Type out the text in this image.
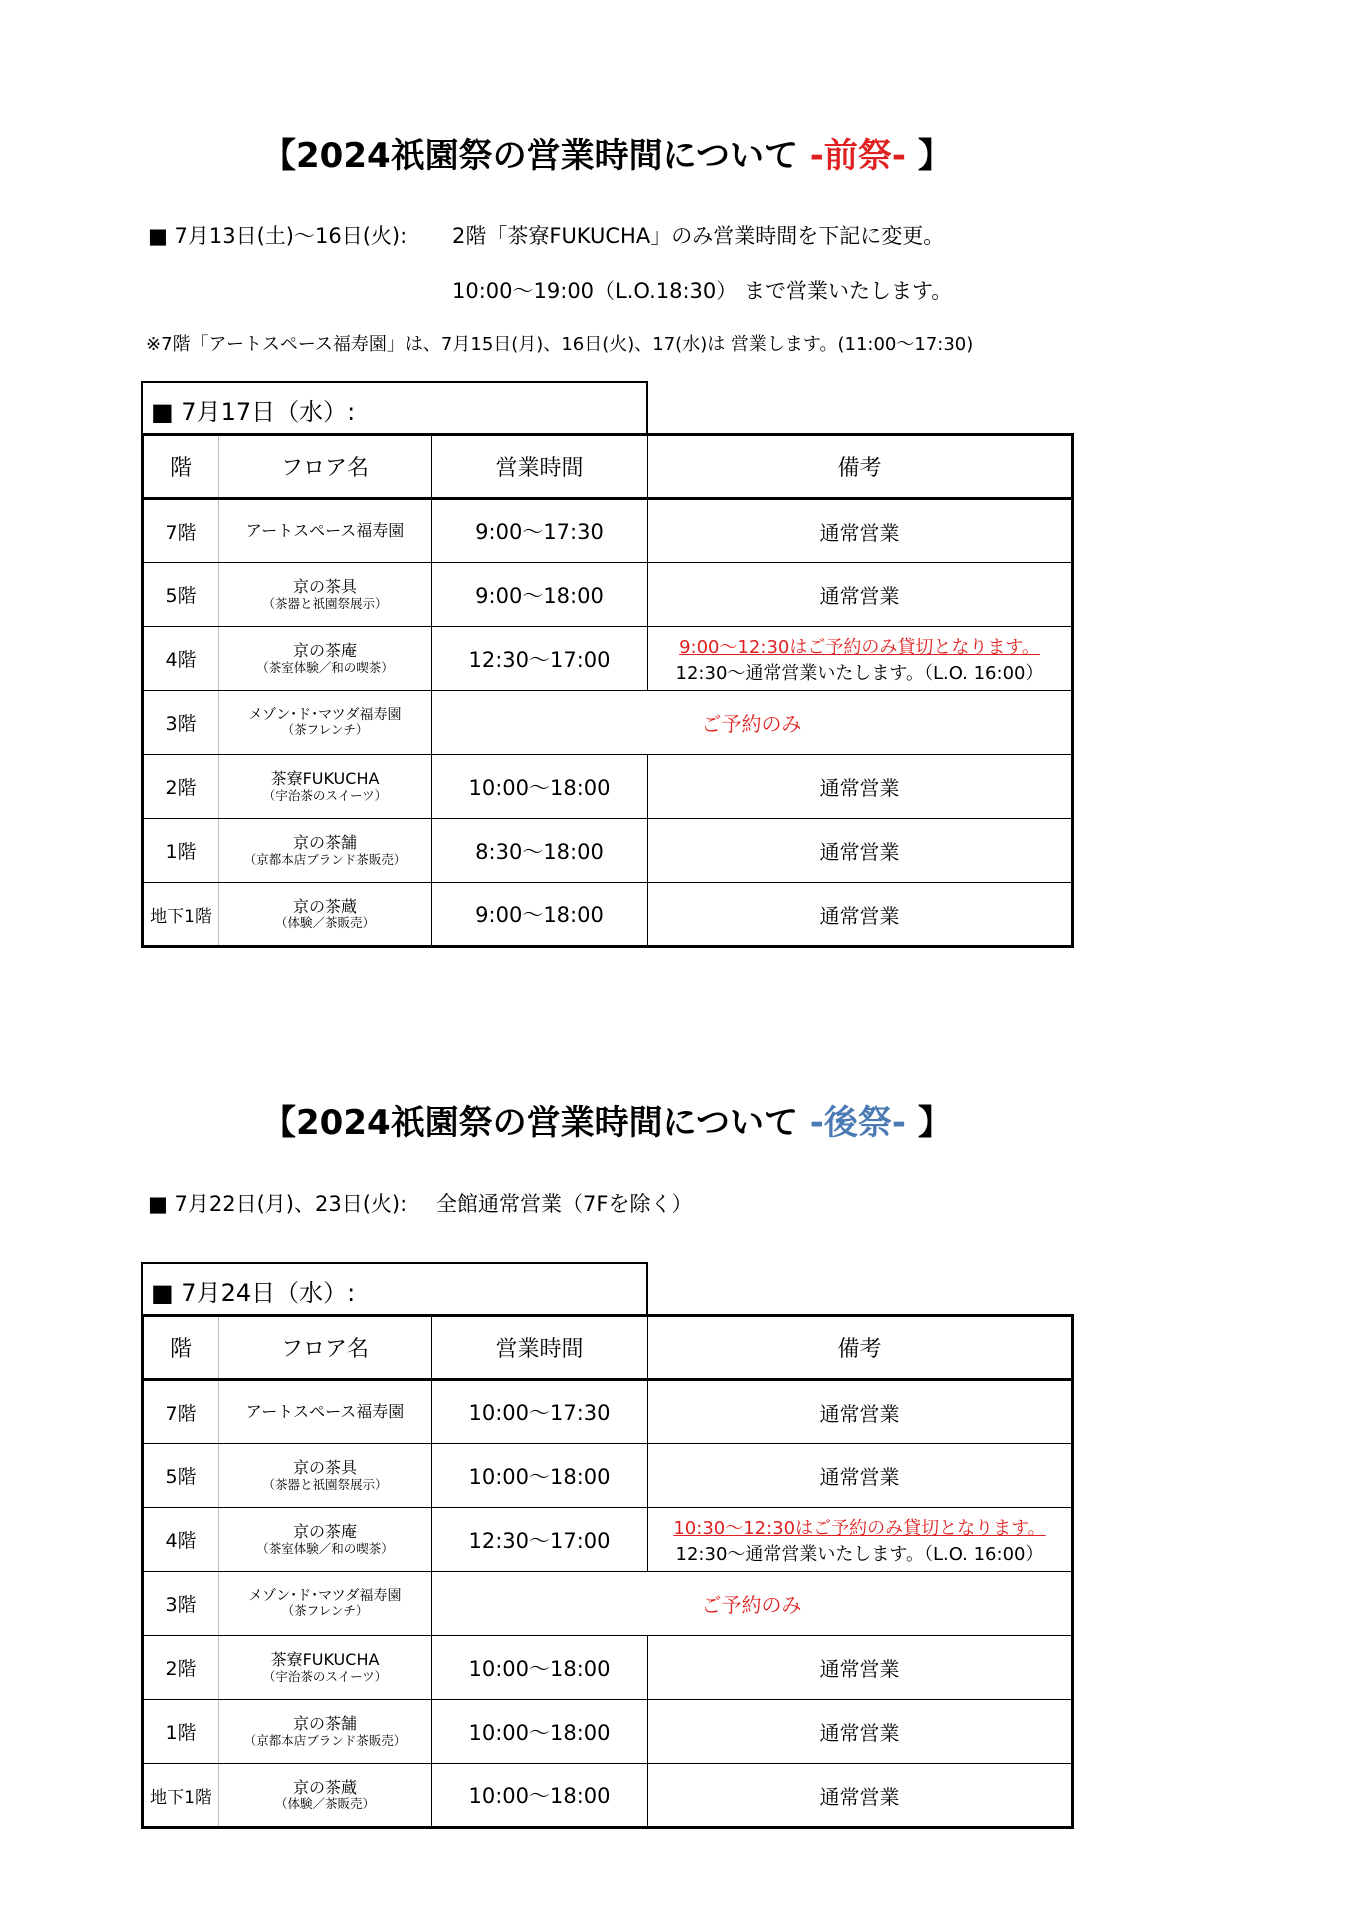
【2024祇園祭の営業時間について -前祭- 】
■ 7月13日(土)～16日(火): 2階「茶寮FUKUCHA」のみ営業時間を下記に変更。
10:00～19:00（L.O.18:30） まで営業いたします。
※7階「アートスペース福寿園」は、7月15日(月)、16日(火)、17(水)は 営業します。(11:00～17:30)
■ 7月17日（水）:
階	フロア名	営業時間	備考
7階	アートスペース福寿園	9:00～17:30	通常営業
5階	京の茶具
（茶器と祇園祭展示）	9:00～18:00	通常営業
4階	京の茶庵
（茶室体験／和の喫茶）	12:30～17:00	9:00～12:30はご予約のみ貸切となります。
12:30～通常営業いたします。（L.O. 16:00）

3階	メゾン･ド･マツダ福寿園
（茶フレンチ）	ご予約のみ	
2階	茶寮FUKUCHA
（宇治茶のスイーツ）	10:00～18:00	通常営業
1階	京の茶舗
（京都本店ブランド茶販売）	8:30～18:00	通常営業
地下1階	京の茶蔵
（体験／茶販売）	9:00～18:00	通常営業
【2024祇園祭の営業時間について -後祭- 】
■ 7月22日(月)、23日(火): 全館通常営業（7Fを除く）
■ 7月24日（水）:
階	フロア名	営業時間	備考
7階	アートスペース福寿園	10:00～17:30	通常営業
5階	京の茶具
（茶器と祇園祭展示）	10:00～18:00	通常営業
4階	京の茶庵
（茶室体験／和の喫茶）	12:30～17:00	10:30～12:30はご予約のみ貸切となります。
12:30～通常営業いたします。（L.O. 16:00）

3階	メゾン･ド･マツダ福寿園
（茶フレンチ）	ご予約のみ	
2階	茶寮FUKUCHA
（宇治茶のスイーツ）	10:00～18:00	通常営業
1階	京の茶舗
（京都本店ブランド茶販売）	10:00～18:00	通常営業
地下1階	京の茶蔵
（体験／茶販売）	10:00～18:00	通常営業
